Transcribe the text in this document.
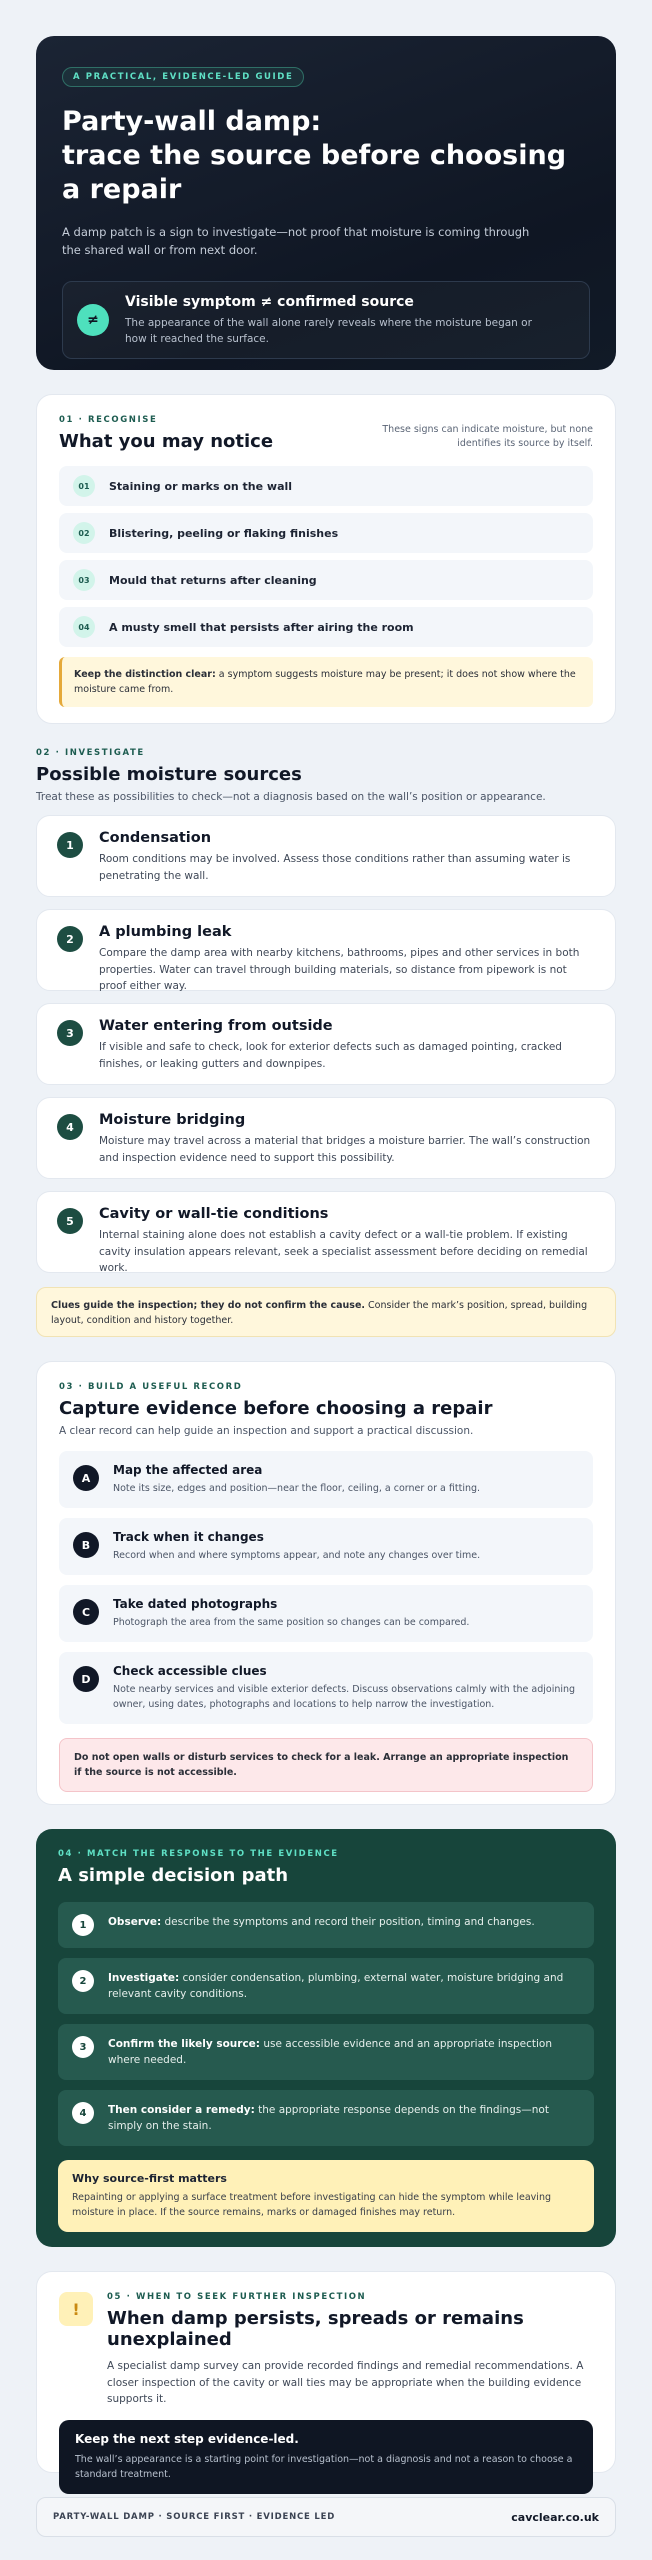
A PRACTICAL, EVIDENCE-LED GUIDE
Party-wall damp:
trace the source before choosing
a repair

A damp patch is a sign to investigate—not proof that moisture is coming through the shared wall or from next door.

≠
Visible symptom ≠ confirmed source
The appearance of the wall alone rarely reveals where the moisture began or how it reached the surface.
01 · RECOGNISE
What you may notice

These signs can indicate moisture, but none identifies its source by itself.

01	Staining or marks on the wall
02	Blistering, peeling or flaking finishes
03	Mould that returns after cleaning
04	A musty smell that persists after airing the room
Keep the distinction clear: a symptom suggests moisture may be present; it does not show where the moisture came from.
02 · INVESTIGATE
Possible moisture sources

Treat these as possibilities to check—not a diagnosis based on the wall’s position or appearance.

1	Condensation
Room conditions may be involved. Assess those conditions rather than assuming water is penetrating the wall.
2	A plumbing leak
Compare the damp area with nearby kitchens, bathrooms, pipes and other services in both properties. Water can travel through building materials, so distance from pipework is not proof either way.
3	Water entering from outside
If visible and safe to check, look for exterior defects such as damaged pointing, cracked finishes, or leaking gutters and downpipes.
4	Moisture bridging
Moisture may travel across a material that bridges a moisture barrier. The wall’s construction and inspection evidence need to support this possibility.
5	Cavity or wall-tie conditions
Internal staining alone does not establish a cavity defect or a wall-tie problem. If existing cavity insulation appears relevant, seek a specialist assessment before deciding on remedial work.
Clues guide the inspection; they do not confirm the cause. Consider the mark’s position, spread, building layout, condition and history together.
03 · BUILD A USEFUL RECORD
Capture evidence before choosing a repair

A clear record can help guide an inspection and support a practical discussion.

A
Map the affected area
Note its size, edges and position—near the floor, ceiling, a corner or a fitting.
B
Track when it changes
Record when and where symptoms appear, and note any changes over time.
C
Take dated photographs
Photograph the area from the same position so changes can be compared.
D
Check accessible clues
Note nearby services and visible exterior defects. Discuss observations calmly with the adjoining owner, using dates, photographs and locations to help narrow the investigation.
Do not open walls or disturb services to check for a leak. Arrange an appropriate inspection if the source is not accessible.
04 · MATCH THE RESPONSE TO THE EVIDENCE
A simple decision path
1	Observe: describe the symptoms and record their position, timing and changes.
2	Investigate: consider condensation, plumbing, external water, moisture bridging and relevant cavity conditions.
3	Confirm the likely source: use accessible evidence and an appropriate inspection where needed.
4	Then consider a remedy: the appropriate response depends on the findings—not simply on the stain.
Why source-first matters
Repainting or applying a surface treatment before investigating can hide the symptom while leaving moisture in place. If the source remains, marks or damaged finishes may return.
!
05 · WHEN TO SEEK FURTHER INSPECTION
When damp persists, spreads or remains unexplained

A specialist damp survey can provide recorded findings and remedial recommendations. A closer inspection of the cavity or wall ties may be appropriate when the building evidence supports it.

Keep the next step evidence-led.
The wall’s appearance is a starting point for investigation—not a diagnosis and not a reason to choose a standard treatment.
PARTY-WALL DAMP · SOURCE FIRST · EVIDENCE LED	cavclear.co.uk
